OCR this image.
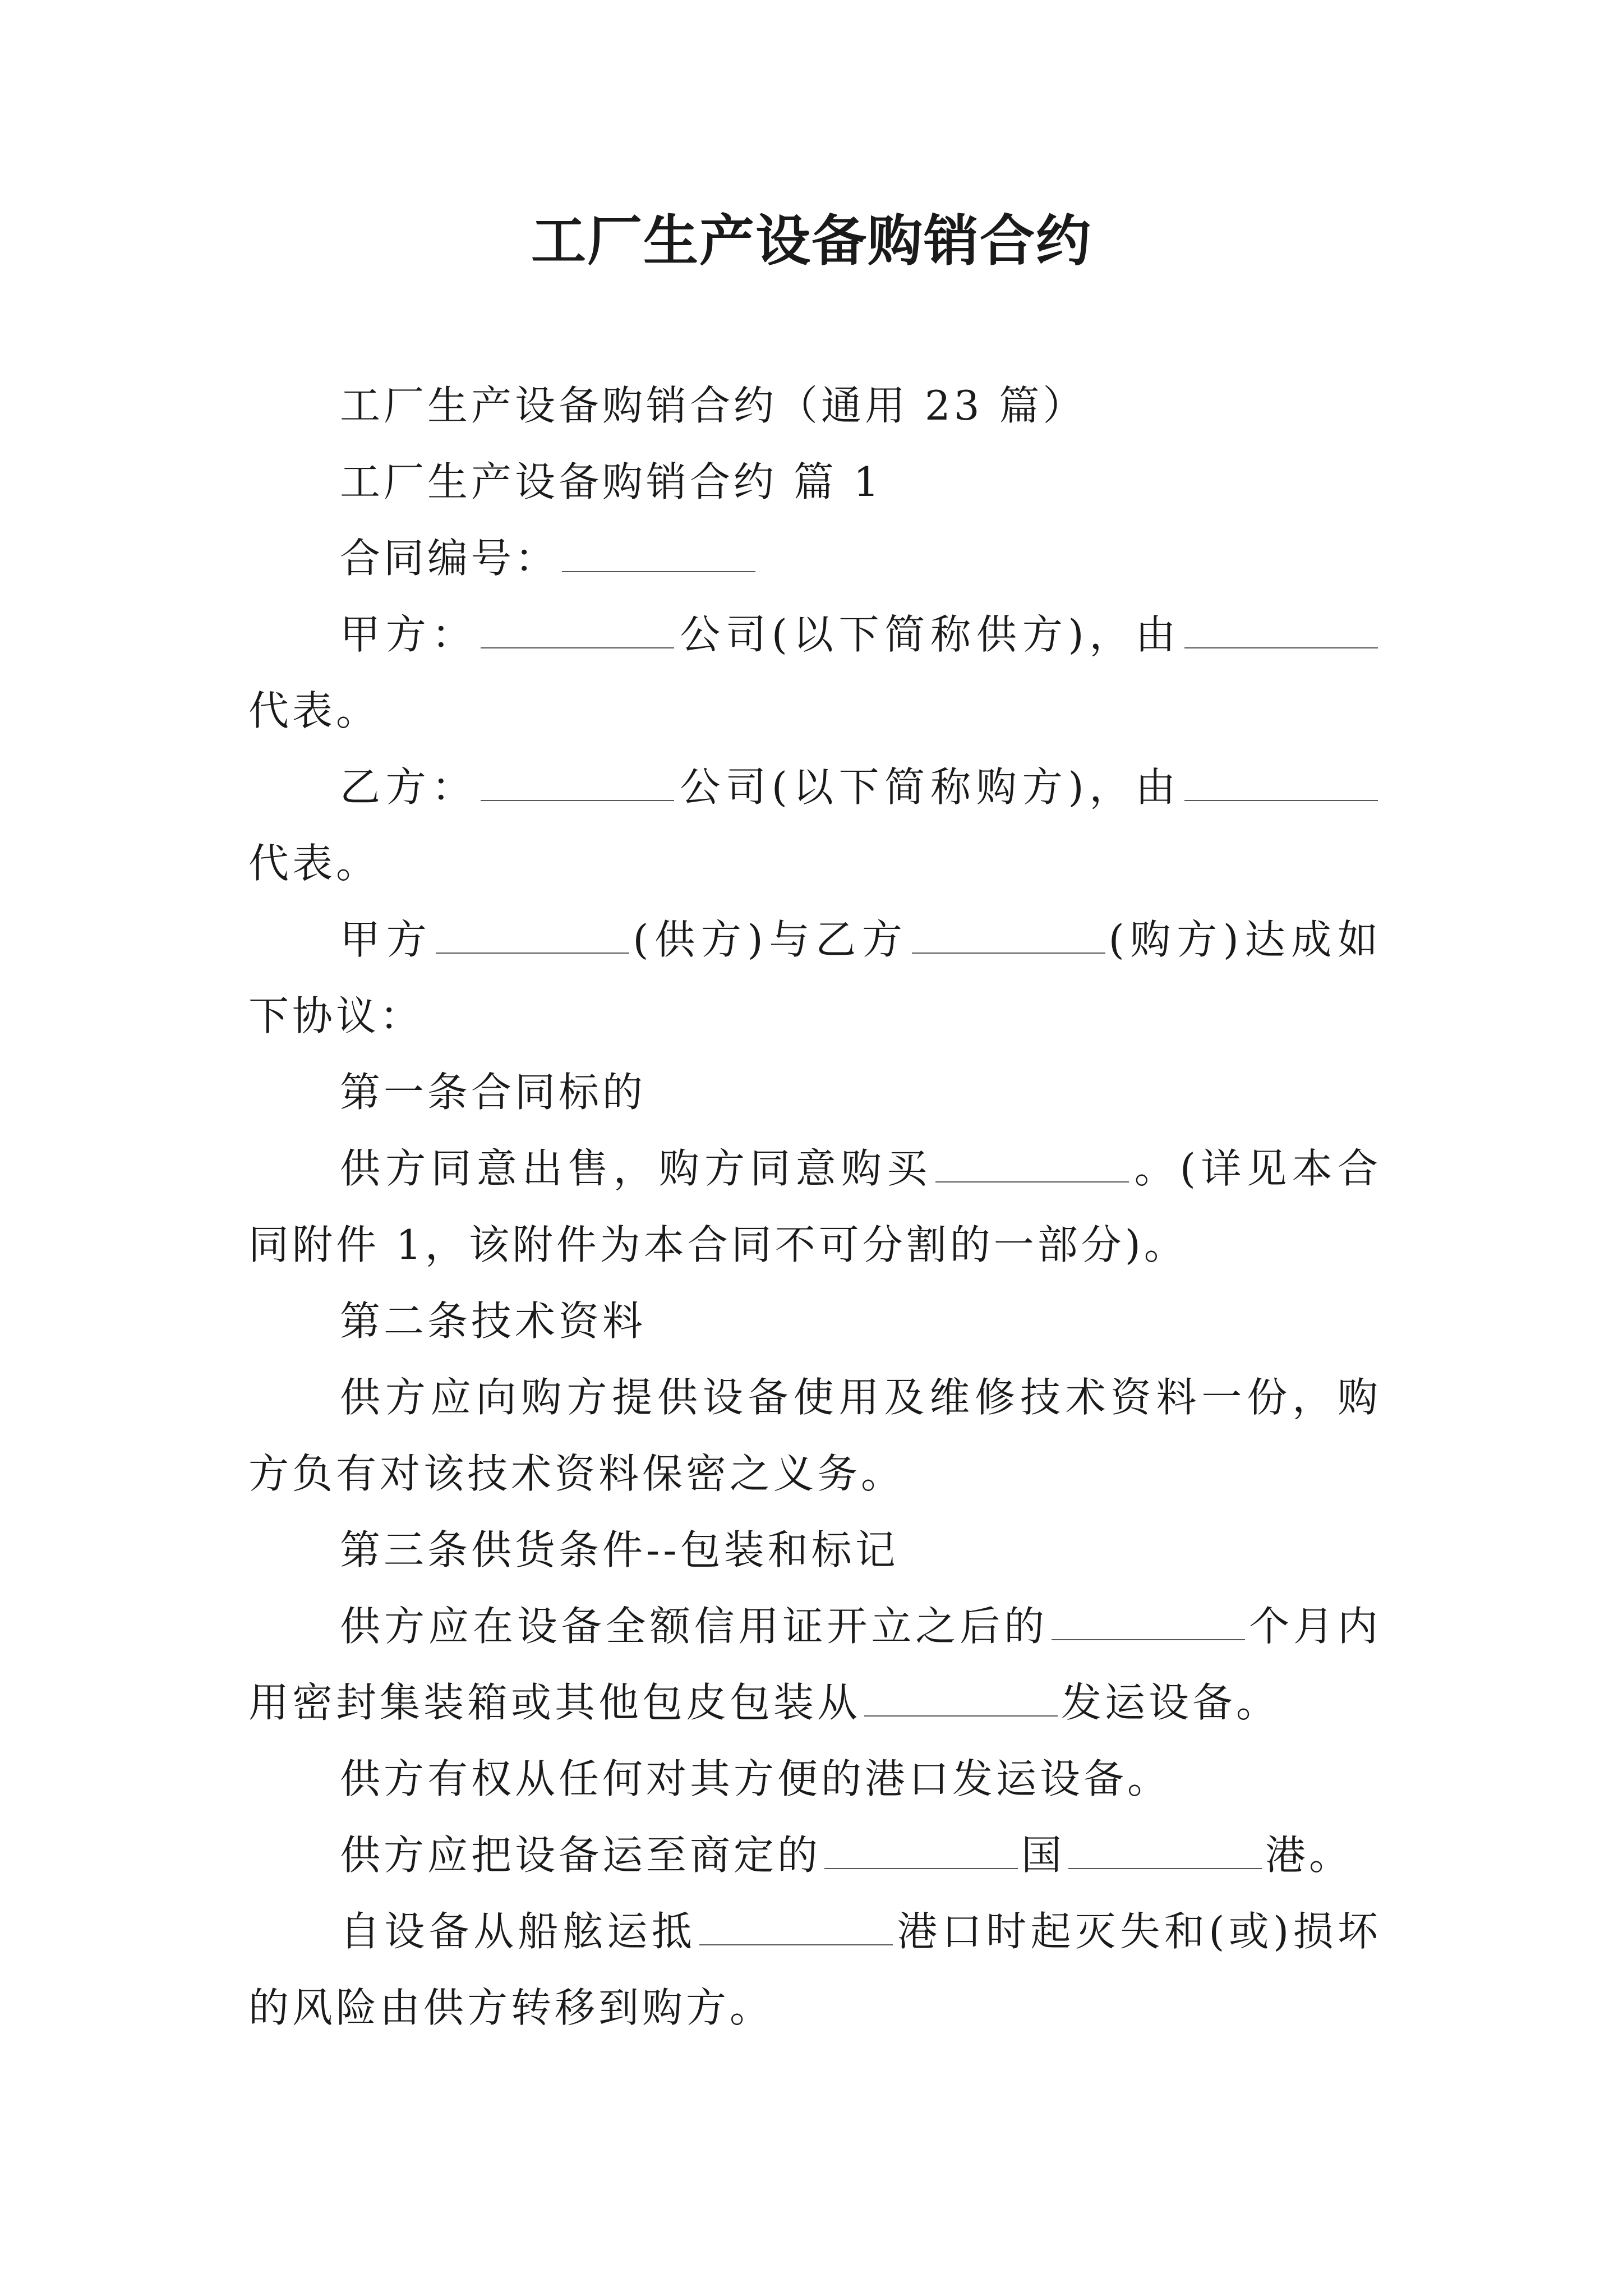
工厂生产设备购销合约

工厂生产设备购销合约（通用 23 篇）

工厂生产设备购销合约 篇 1

合同编号：

甲方：	公司(以下简称供方)，由代表。

乙方：	公司(以下简称购方)，由代表。

甲方	(供方)与乙方	(购方)达成如下协议：

第一条合同标的

供方同意出售，购方同意购买	。(详见本合同附件 1，该附件为本合同不可分割的一部分)。

第二条技术资料

供方应向购方提供设备使用及维修技术资料一份，购方负有对该技术资料保密之义务。

第三条供货条件--包装和标记

供方应在设备全额信用证开立之后的	个月内用密封集装箱或其他包皮包装从	发运设备。

供方有权从任何对其方便的港口发运设备。

供方应把设备运至商定的	国	港。

自设备从船舷运抵	港口时起灭失和(或)损坏的风险由供方转移到购方。
